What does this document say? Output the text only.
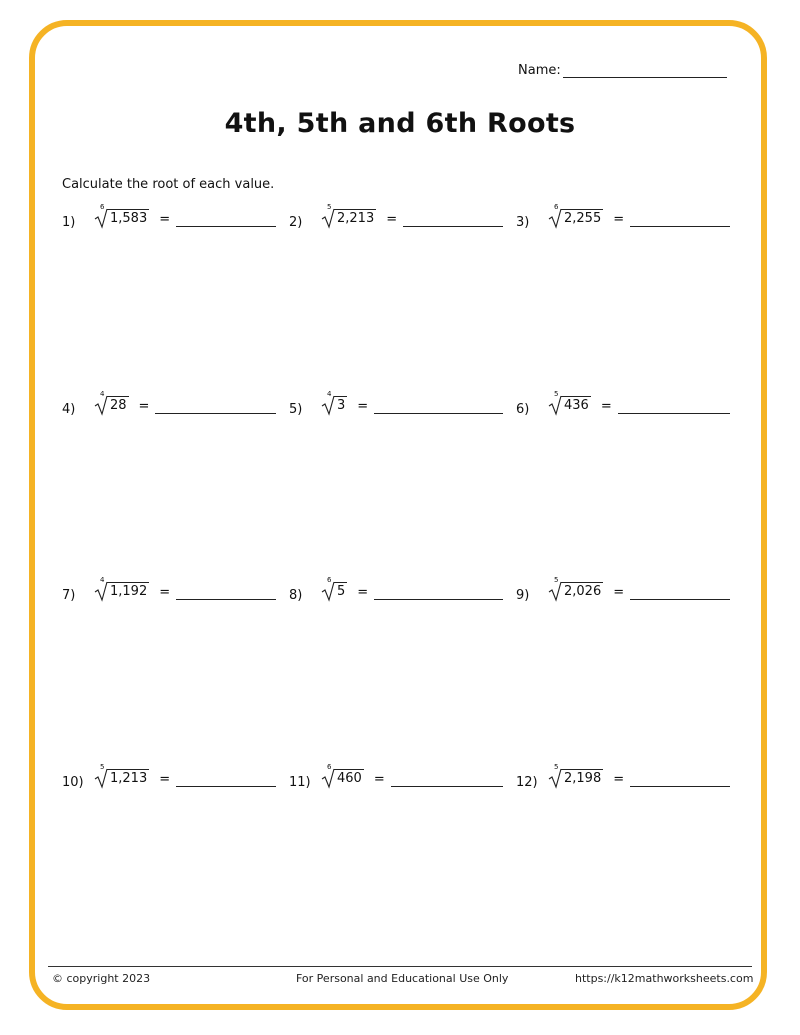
Name:
4th, 5th and 6th Roots
Calculate the root of each value.
1)
6
1,583 =	2)
5
2,213 =	3)
6
2,255 =
4)
4
28 =	5)
4
3 =	6)
5
436 =
7)
4
1,192 =	8)
6
5 =	9)
5
2,026 =
10)
5
1,213 =	11)
6
460 =	12)
5
2,198 =
© copyright 2023	For Personal and Educational Use Only	https://k12mathworksheets.com
